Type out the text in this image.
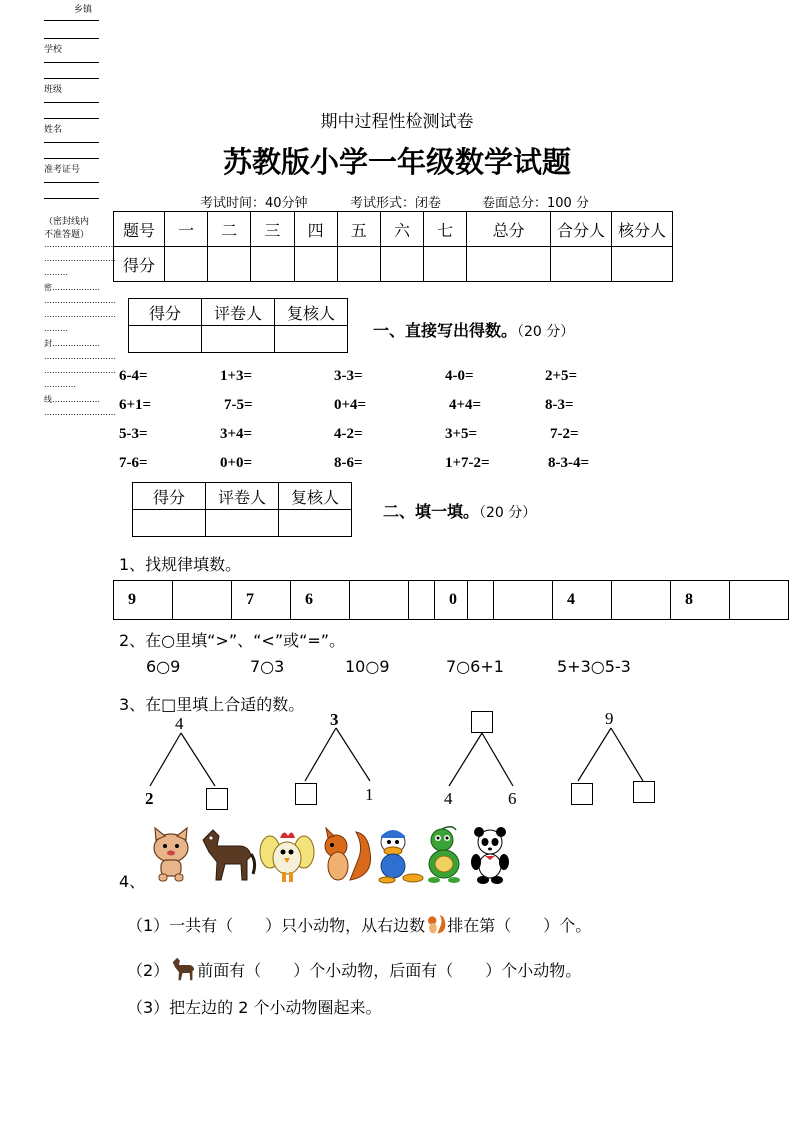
乡镇
学校
班级
姓名
准考证号
（密封线内
不准答题）
………………………
………………………
………
密………………
………………………
………………………
………
封………………
………………………
………………………
…………
线………………
………………………
期中过程性检测试卷
苏教版小学一年级数学试题
考试时间：40分钟	考试形式：闭卷	卷面总分：100 分
题号	一	二	三	四	五	六	七	总分	合分人	核分人
得分										
得分	评卷人	复核人

一、直接写出得数。（20 分）
6-4=	1+3=	3-3=	4-0=	2+5=
6+1=	7-5=	0+4=	4+4=	8-3=
5-3=	3+4=	4-2=	3+5=	7-2=
7-6=	0+0=	8-6=	1+7-2=	8-3-4=
得分	评卷人	复核人

二、填一填。（20 分）
1、找规律填数。
9		7	6			0		4		8	
2、在○里填“>”、“<”或“=”。
6○9	7○3	10○9	7○6+1	5+3○5-3
3、在□里填上合适的数。
4
2
3
1	4	6
9
4、
（1）一共有（　　）只小动物，从右边数 排在第（　　）个。
（2） 前面有（　　）个小动物，后面有（　　）个小动物。
（3）把左边的 2 个小动物圈起来。
